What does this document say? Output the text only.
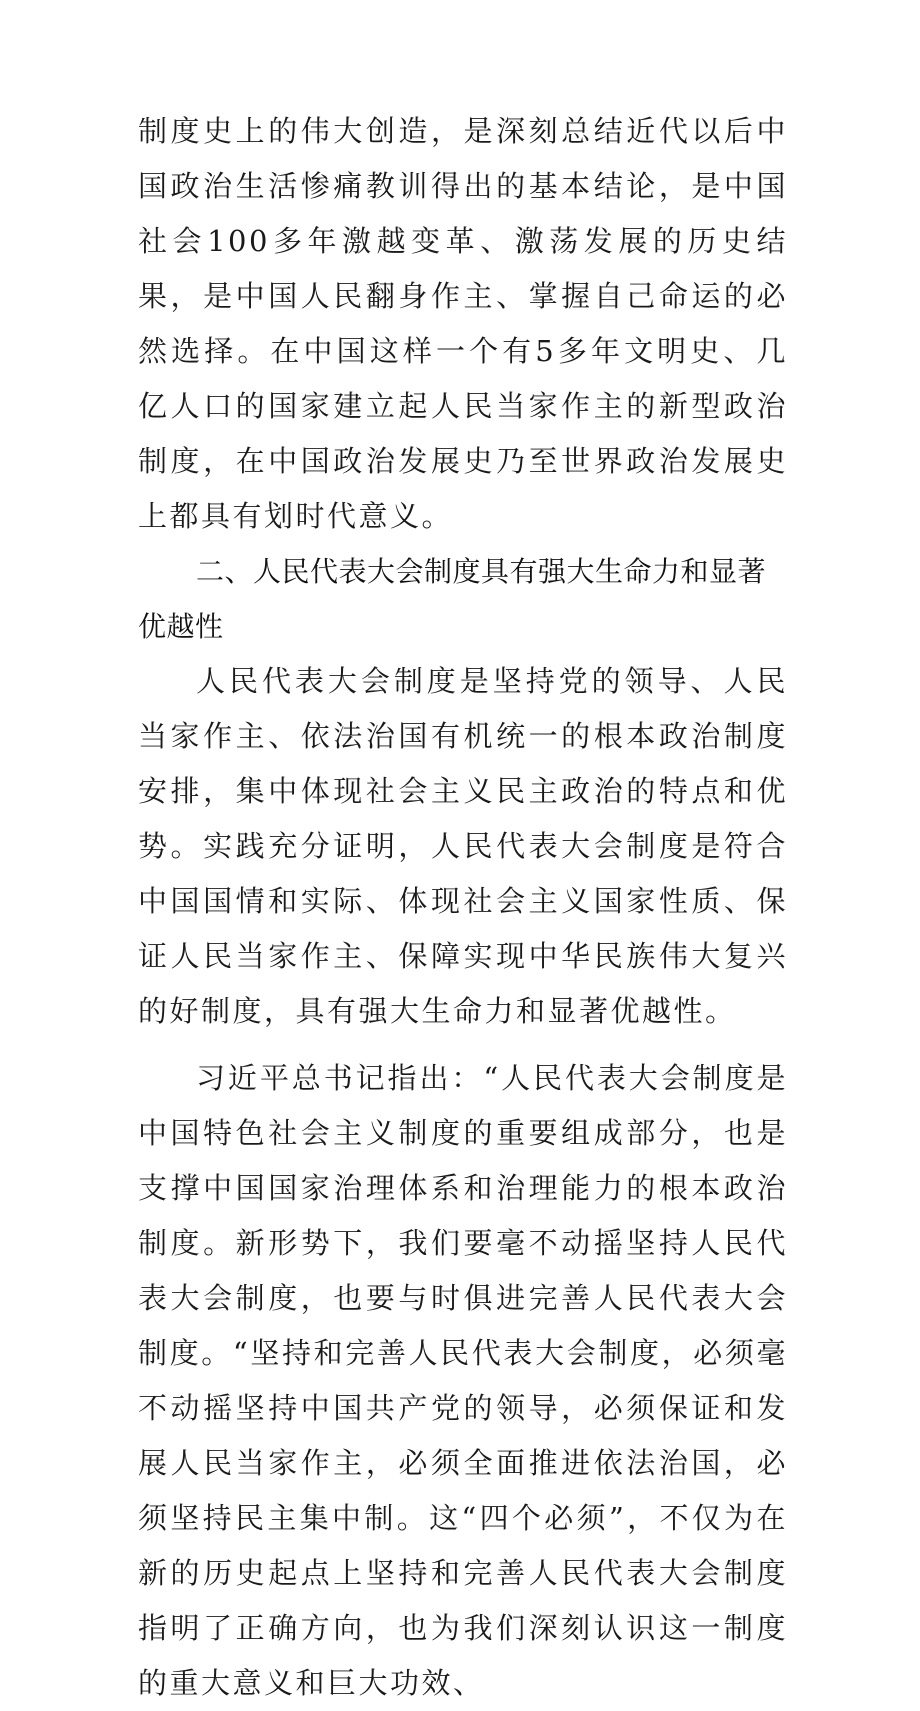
制度史上的伟大创造，是深刻总结近代以后中国政治生活惨痛教训得出的基本结论，是中国社会100多年激越变革、激荡发展的历史结果，是中国人民翻身作主、掌握自己命运的必然选择。在中国这样一个有5多年文明史、几亿人口的国家建立起人民当家作主的新型政治制度，在中国政治发展史乃至世界政治发展史上都具有划时代意义。

二、人民代表大会制度具有强大生命力和显著优越性

人民代表大会制度是坚持党的领导、人民当家作主、依法治国有机统一的根本政治制度安排，集中体现社会主义民主政治的特点和优势。实践充分证明，人民代表大会制度是符合中国国情和实际、体现社会主义国家性质、保证人民当家作主、保障实现中华民族伟大复兴的好制度，具有强大生命力和显著优越性。

习近平总书记指出：“人民代表大会制度是中国特色社会主义制度的重要组成部分，也是支撑中国国家治理体系和治理能力的根本政治制度。新形势下，我们要毫不动摇坚持人民代表大会制度，也要与时俱进完善人民代表大会制度。“坚持和完善人民代表大会制度，必须毫不动摇坚持中国共产党的领导，必须保证和发展人民当家作主，必须全面推进依法治国，必须坚持民主集中制。这“四个必须”，不仅为在新的历史起点上坚持和完善人民代表大会制度指明了正确方向，也为我们深刻认识这一制度的重大意义和巨大功效、
